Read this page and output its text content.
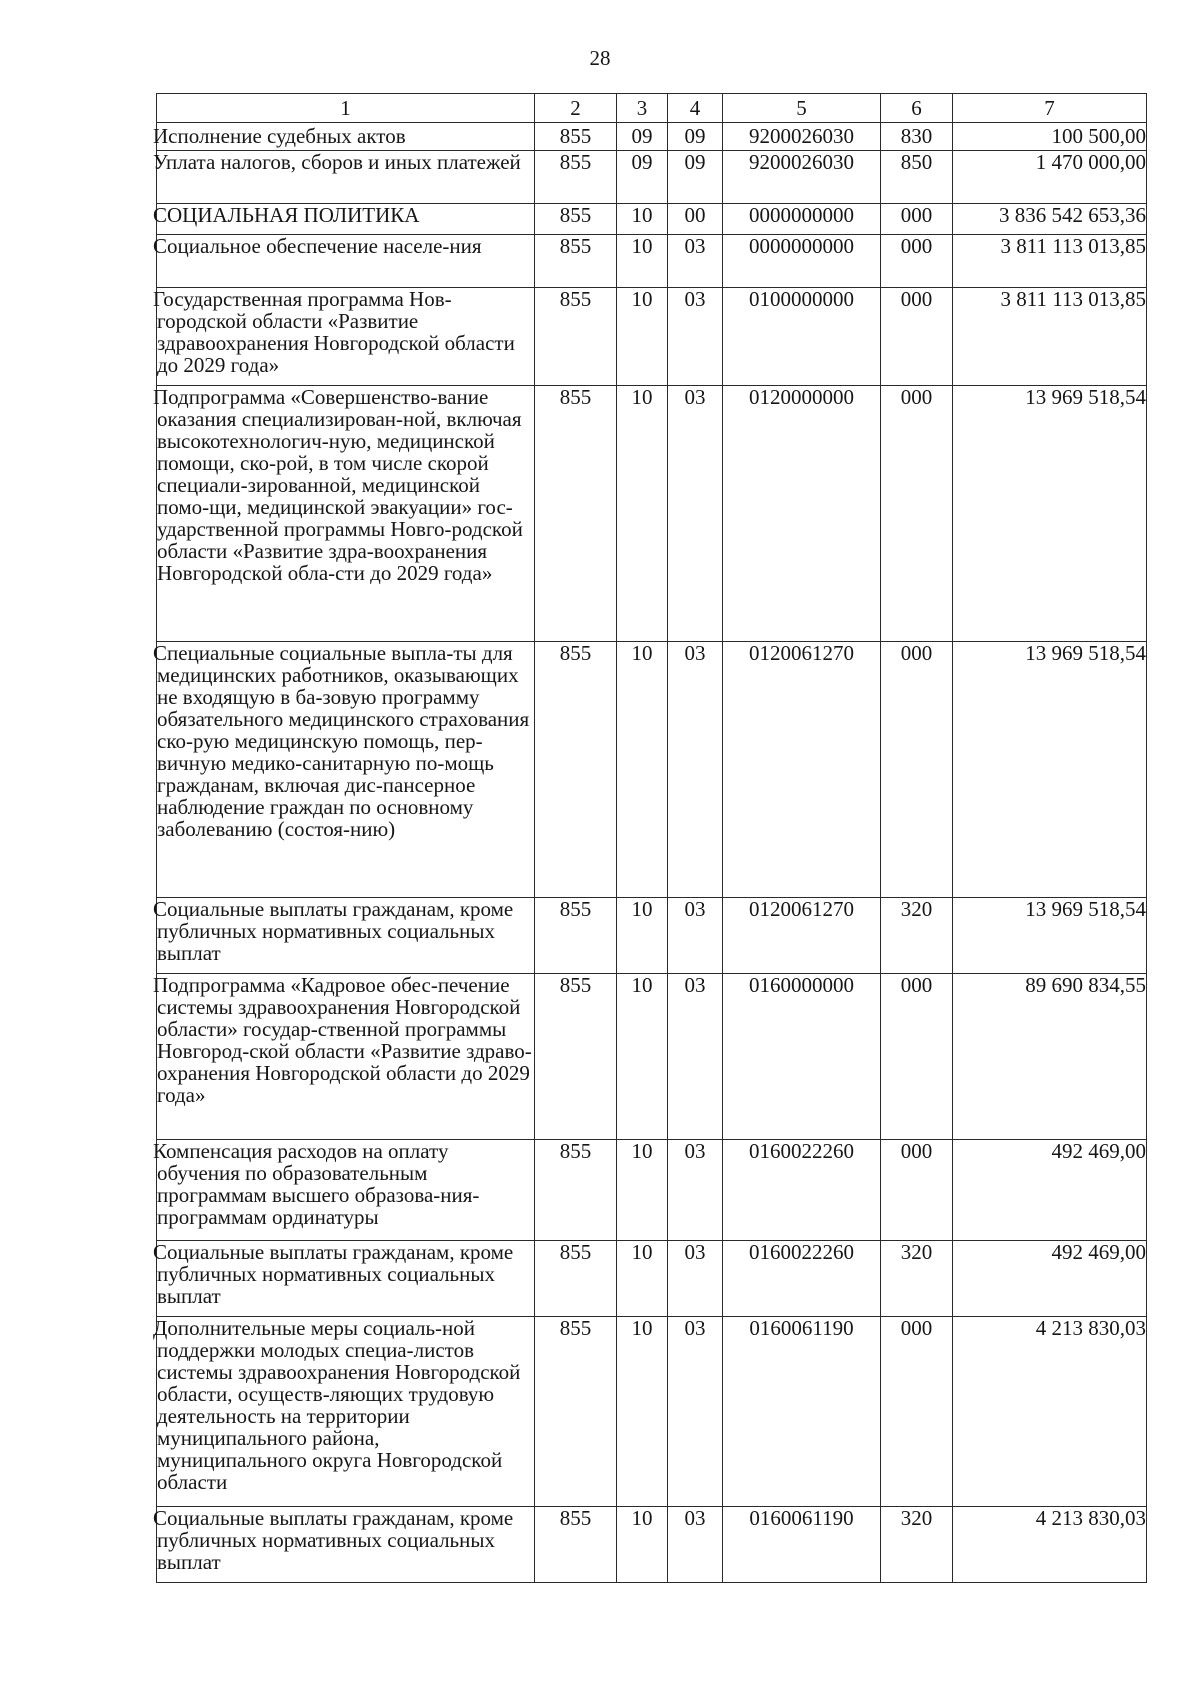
28
1	2	3	4	5	6	7
Исполнение судебных актов	855	09	09	9200026030	830	100 500,00
Уплата налогов, сборов и иных платежей	855	09	09	9200026030	850	1 470 000,00
СОЦИАЛЬНАЯ ПОЛИТИКА	855	10	00	0000000000	000	3 836 542 653,36
Социальное обеспечение населе-ния	855	10	03	0000000000	000	3 811 113 013,85
Государственная программа Нов-городской области «Развитие здравоохранения Новгородской области до 2029 года»	855	10	03	0100000000	000	3 811 113 013,85
Подпрограмма «Совершенство-вание оказания специализирован-ной, включая высокотехнологич-ную, медицинской помощи, ско-рой, в том числе скорой специали-зированной, медицинской помо-щи, медицинской эвакуации» гос-ударственной программы Новго-родской области «Развитие здра-воохранения Новгородской обла-сти до 2029 года»	855	10	03	0120000000	000	13 969 518,54
Специальные социальные выпла-ты для медицинских работников, оказывающих не входящую в ба-зовую программу обязательного медицинского страхования ско-рую медицинскую помощь, пер-вичную медико-санитарную по-мощь гражданам, включая дис-пансерное наблюдение граждан по основному заболеванию (состоя-нию)	855	10	03	0120061270	000	13 969 518,54
Социальные выплаты гражданам, кроме публичных нормативных социальных выплат	855	10	03	0120061270	320	13 969 518,54
Подпрограмма «Кадровое обес-печение системы здравоохранения Новгородской области» государ-ственной программы Новгород-ской области «Развитие здраво-охранения Новгородской области до 2029 года»	855	10	03	0160000000	000	89 690 834,55
Компенсация расходов на оплату обучения по образовательным программам высшего образова-ния-программам ординатуры	855	10	03	0160022260	000	492 469,00
Социальные выплаты гражданам, кроме публичных нормативных социальных выплат	855	10	03	0160022260	320	492 469,00
Дополнительные меры социаль-ной поддержки молодых специа-листов системы здравоохранения Новгородской области, осуществ-ляющих трудовую деятельность на территории муниципального района, муниципального округа Новгородской области	855	10	03	0160061190	000	4 213 830,03
Социальные выплаты гражданам, кроме публичных нормативных социальных выплат	855	10	03	0160061190	320	4 213 830,03
